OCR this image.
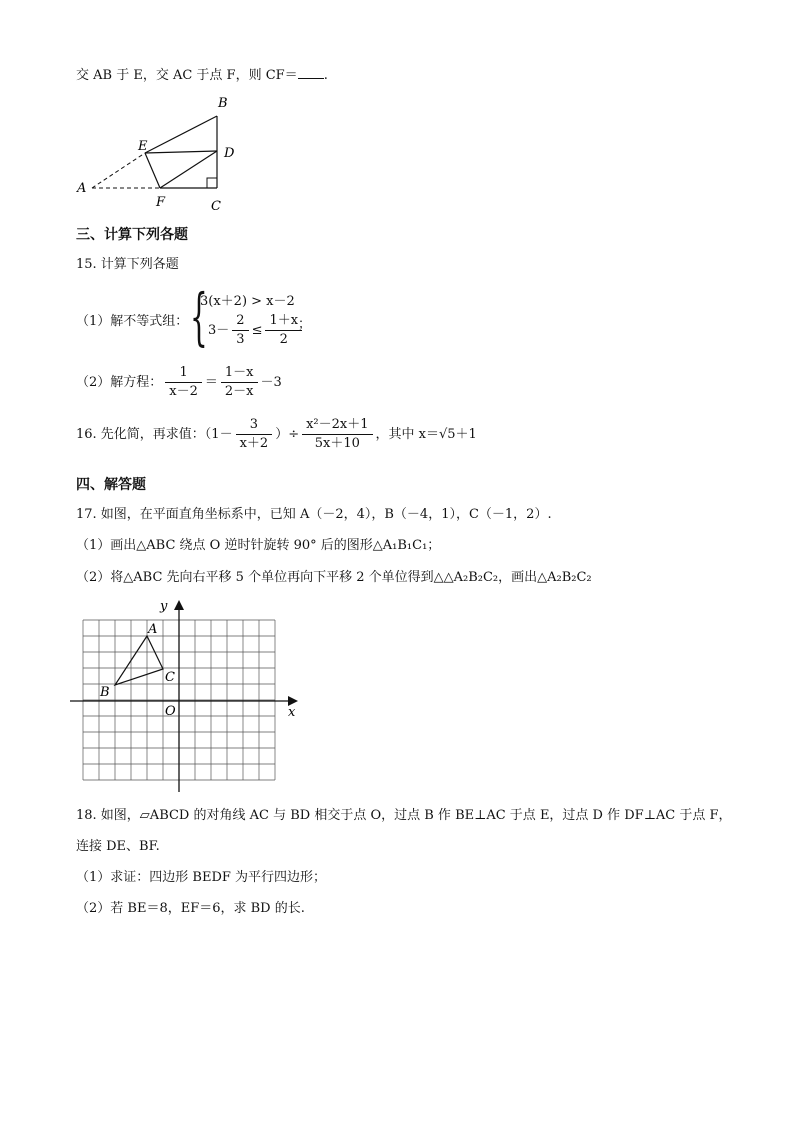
交 AB 于 E，交 AC 于点 F，则 CF＝ .
A
B
C
D
E
F
三、计算下列各题
15. 计算下列各题
（1）解不等式组： {
3(x＋2) > x－2
$3- \frac{2}{3} \le \frac{1+x}{2}$
；
（2）解方程： $\frac{1}{x-2} = \frac{1-x}{2-x} -3$
16. 先化简，再求值：（$1- \frac{3}{x+2}$ ）÷ $\frac{\text{x²－2x＋1}}{5x+10}$ ，其中 x＝√5＋1
四、解答题
17. 如图，在平面直角坐标系中，已知 A（－2，4），B（－4，1），C（－1，2）.
（1）画出△ABC 绕点 O 逆时针旋转 90° 后的图形△A₁B₁C₁；
（2）将△ABC 先向右平移 5 个单位再向下平移 2 个单位得到△△A₂B₂C₂，画出△A₂B₂C₂
A
B
C
O	x
y
18. 如图，▱ABCD 的对角线 AC 与 BD 相交于点 O，过点 B 作 BE⊥AC 于点 E，过点 D 作 DF⊥AC 于点 F，
连接 DE、BF.
（1）求证：四边形 BEDF 为平行四边形；
（2）若 BE＝8，EF＝6，求 BD 的长.
